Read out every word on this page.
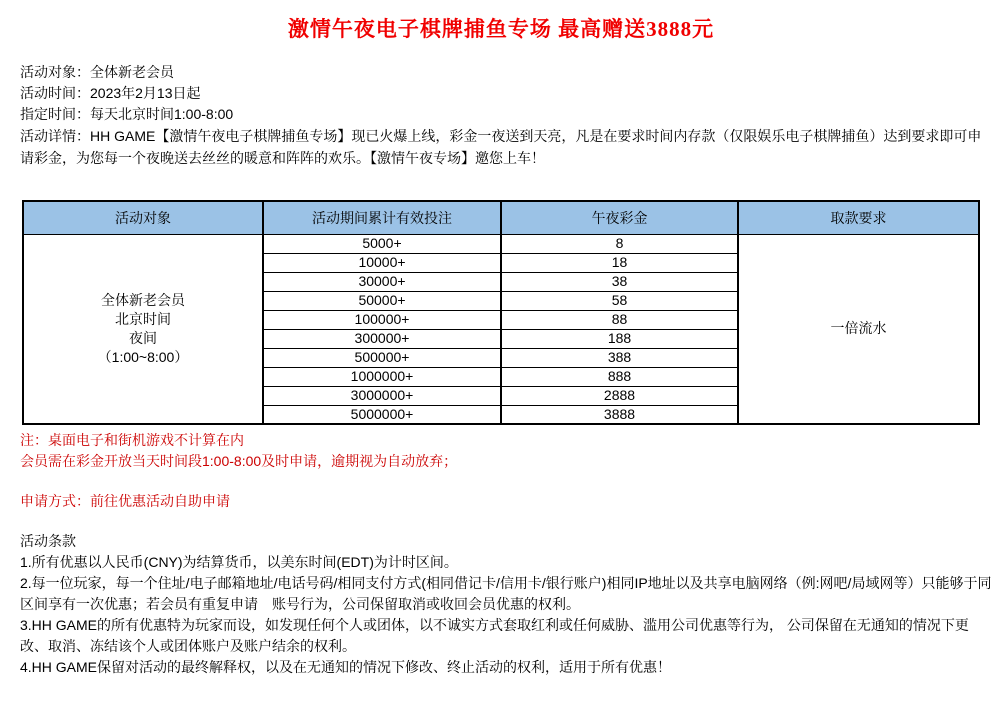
激情午夜电子棋牌捕鱼专场 最高赠送3888元
活动对象：全体新老会员
活动时间：2023年2月13日起
指定时间：每天北京时间1:00-8:00
活动详情：HH GAME【激情午夜电子棋牌捕鱼专场】现已火爆上线，彩金一夜送到天亮，凡是在要求时间内存款（仅限娱乐电子棋牌捕鱼）达到要求即可申请彩金，为您每一个夜晚送去丝丝的暖意和阵阵的欢乐。【激情午夜专场】邀您上车！
活动对象	活动期间累计有效投注	午夜彩金	取款要求

全体新老会员
北京时间
夜间
（1:00~8:00）	5000+	8	一倍流水
	10000+	18	
	30000+	38	
	50000+	58	
	100000+	88	
	300000+	188	
	500000+	388	
	1000000+	888	
	3000000+	2888	
	5000000+	3888	
注：桌面电子和街机游戏不计算在内
会员需在彩金开放当天时间段1:00-8:00及时申请，逾期视为自动放弃；
申请方式：前往优惠活动自助申请
活动条款
1.所有优惠以人民币(CNY)为结算货币，以美东时间(EDT)为计时区间。
2.每一位玩家，每一个住址/电子邮箱地址/电话号码/相同支付方式(相同借记卡/信用卡/银行账户)相同IP地址以及共享电脑网络（例:网吧/局域网等）只能够于同区间享有一次优惠；若会员有重复申请　账号行为，公司保留取消或收回会员优惠的权利。
3.HH GAME的所有优惠特为玩家而设，如发现任何个人或团体，以不诚实方式套取红利或任何威胁、滥用公司优惠等行为， 公司保留在无通知的情况下更改、取消、冻结该个人或团体账户及账户结余的权利。
4.HH GAME保留对活动的最终解释权，以及在无通知的情况下修改、终止活动的权利，适用于所有优惠！
